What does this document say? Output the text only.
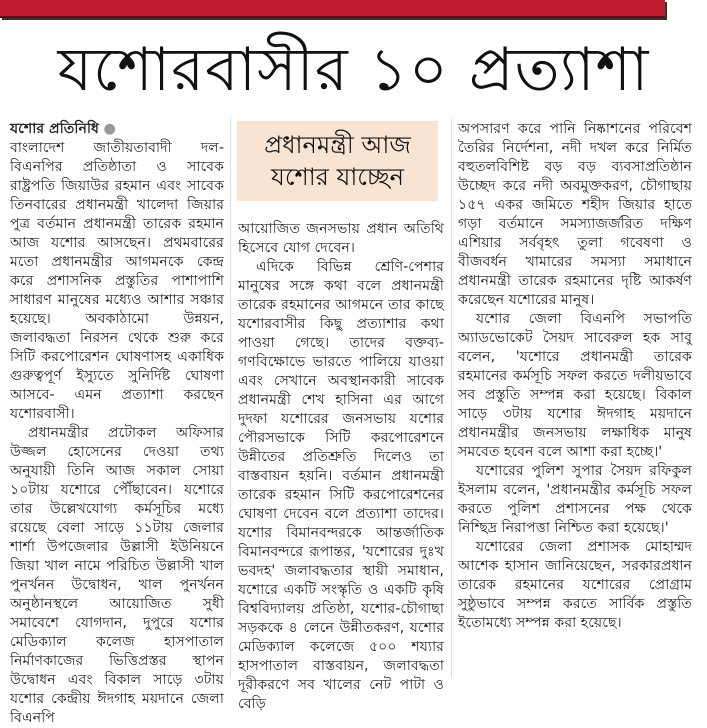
যশোরবাসীর ১০ প্রত্যাশা
প্রধানমন্ত্রী আজ
যশোর যাচ্ছেন
যশোর প্রতিনিধি ●

বাংলাদেশ জাতীয়তাবাদী দল-বিএনপির প্রতিষ্ঠাতা ও সাবেক রাষ্ট্রপতি জিয়াউর রহমান এবং সাবেক তিনবারের প্রধানমন্ত্রী খালেদা জিয়ার পুত্র বর্তমান প্রধানমন্ত্রী তারেক রহমান আজ যশোর আসছেন। প্রথমবারের মতো প্রধানমন্ত্রীর আগমনকে কেন্দ্র করে প্রশাসনিক প্রস্তুতির পাশাপাশি সাধারণ মানুষের মধ্যেও আশার সঞ্চার হয়েছে। অবকাঠামো উন্নয়ন, জলাবদ্ধতা নিরসন থেকে শুরু করে সিটি করপোরেশন ঘোষণাসহ একাধিক গুরুত্বপূর্ণ ইস্যুতে সুনির্দিষ্ট ঘোষণা আসবে- এমন প্রত্যাশা করছেন যশোরবাসী।

প্রধানমন্ত্রীর প্রটোকল অফিসার উজ্জল হোসেনের দেওয়া তথ্য অনুযায়ী তিনি আজ সকাল সোয়া ১০টায় যশোরে পৌঁছাবেন। যশোরে তার উল্লেখযোগ্য কর্মসূচির মধ্যে রয়েছে বেলা সাড়ে ১১টায় জেলার শার্শা উপজেলার উল্লাসী ইউনিয়নে জিয়া খাল নামে পরিচিত উল্লাসী খাল পুনর্খনন উদ্বোধন, খাল পুনর্খনন অনুষ্ঠানস্থলে আয়োজিত সুধী সমাবেশে যোগদান, দুপুরে যশোর মেডিক্যাল কলেজ হাসপাতাল নির্মাণকাজের ভিত্তিপ্রস্তর স্থাপন উদ্বোধন এবং বিকাল সাড়ে ৩টায় যশোর কেন্দ্রীয় ঈদগাহ ময়দানে জেলা বিএনপি

আয়োজিত জনসভায় প্রধান অতিথি হিসেবে যোগ দেবেন।

এদিকে বিভিন্ন শ্রেণি-পেশার মানুষের সঙ্গে কথা বলে প্রধানমন্ত্রী তারেক রহমানের আগমনে তার কাছে যশোরবাসীর কিছু প্রত্যাশার কথা পাওয়া গেছে। তাদের বক্তব্য- গণবিক্ষোভে ভারতে পালিয়ে যাওয়া এবং সেখানে অবস্থানকারী সাবেক প্রধানমন্ত্রী শেখ হাসিনা এর আগে দুদফা যশোরের জনসভায় যশোর পৌরসভাকে সিটি করপোরেশনে উন্নীতের প্রতিশ্রুতি দিলেও তা বাস্তবায়ন হয়নি। বর্তমান প্রধানমন্ত্রী তারেক রহমান সিটি করপোরেশনের ঘোষণা দেবেন বলে প্রত্যাশা তাদের। যশোর বিমানবন্দরকে আন্তর্জাতিক বিমানবন্দরে রূপান্তর, 'যশোরের দুঃখ ভবদহ' জলাবদ্ধতার স্থায়ী সমাধান, যশোরে একটি সংস্কৃতি ও একটি কৃষি বিশ্ববিদ্যালয় প্রতিষ্ঠা, যশোর-চৌগাছা সড়ককে ৪ লেনে উন্নীতকরণ, যশোর মেডিক্যাল কলেজে ৫০০ শয্যার হাসপাতাল বাস্তবায়ন, জলাবদ্ধতা দূরীকরণে সব খালের নেট পাটা ও বেড়ি

অপসারণ করে পানি নিষ্কাশনের পরিবেশ তৈরির নির্দেশনা, নদী দখল করে নির্মিত বহুতলবিশিষ্ট বড় বড় ব্যবসাপ্রতিষ্ঠান উচ্ছেদ করে নদী অবমুক্তকরণ, চৌগাছায় ১৫৭ একর জমিতে শহীদ জিয়ার হাতে গড়া বর্তমানে সমস্যাজর্জরিত দক্ষিণ এশিয়ার সর্ববৃহৎ তুলা গবেষণা ও বীজবর্ধন খামারের সমস্যা সমাধানে প্রধানমন্ত্রী তারেক রহমানের দৃষ্টি আকর্ষণ করেছেন যশোরের মানুষ।

যশোর জেলা বিএনপি সভাপতি অ্যাডভোকেট সৈয়দ সাবেরুল হক সাবু বলেন, 'যশোরে প্রধানমন্ত্রী তারেক রহমানের কর্মসূচি সফল করতে দলীয়ভাবে সব প্রস্তুতি সম্পন্ন করা হয়েছে। বিকাল সাড়ে ৩টায় যশোর ঈদগাহ ময়দানে প্রধানমন্ত্রীর জনসভায় লক্ষাধিক মানুষ সমবেত হবেন বলে আশা করা হচ্ছে।'

যশোরের পুলিশ সুপার সৈয়দ রফিকুল ইসলাম বলেন, 'প্রধানমন্ত্রীর কর্মসূচি সফল করতে পুলিশ প্রশাসনের পক্ষ থেকে নিশ্ছিদ্র নিরাপত্তা নিশ্চিত করা হয়েছে।'

যশোরের জেলা প্রশাসক মোহাম্মদ আশেক হাসান জানিয়েছেন, সরকারপ্রধান তারেক রহমানের যশোরের প্রোগ্রাম সুষ্ঠুভাবে সম্পন্ন করতে সার্বিক প্রস্তুতি ইতোমধ্যে সম্পন্ন করা হয়েছে।
